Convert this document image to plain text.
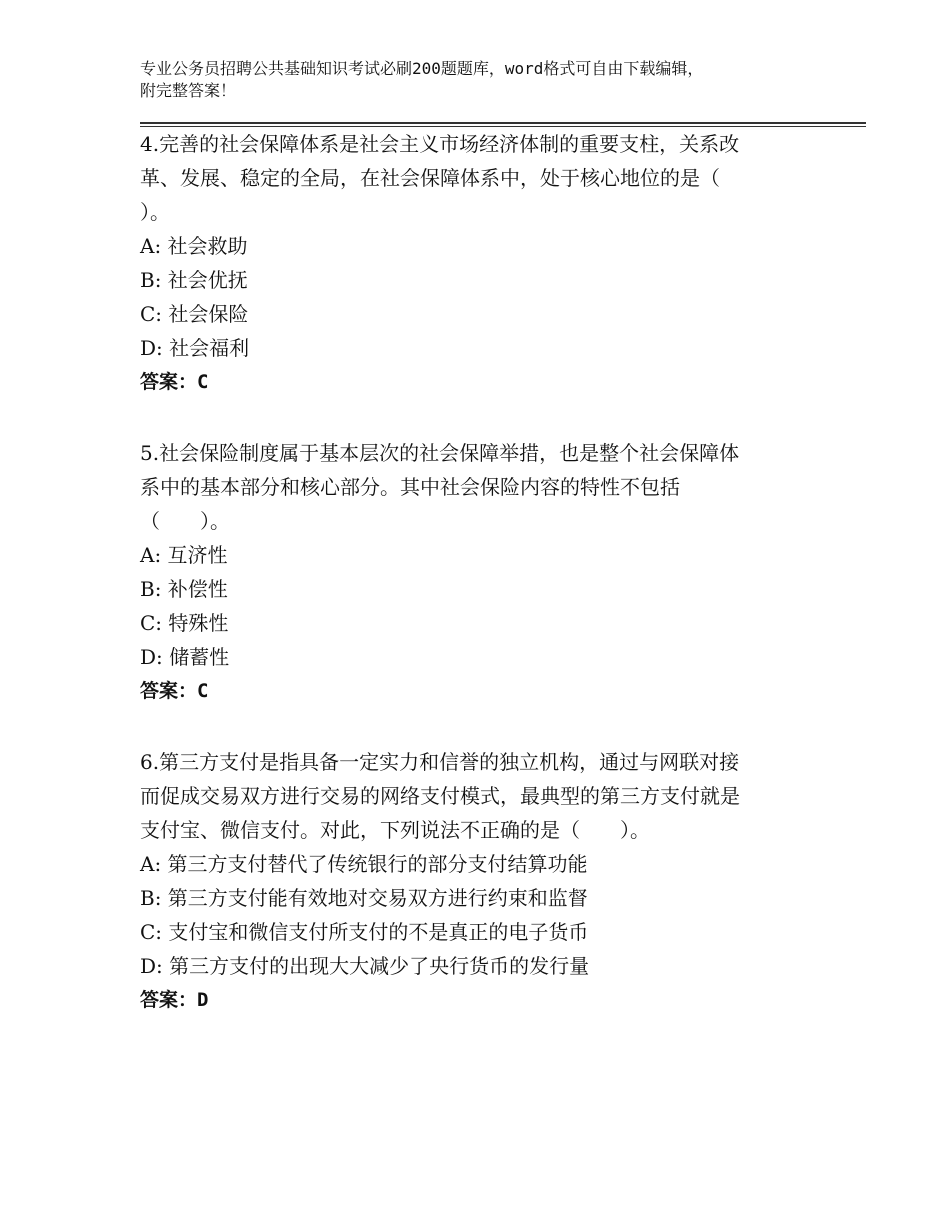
专业公务员招聘公共基础知识考试必刷200题题库，word格式可自由下载编辑，
附完整答案！

4.完善的社会保障体系是社会主义市场经济体制的重要支柱，关系改

革、发展、稳定的全局，在社会保障体系中，处于核心地位的是（

）。

A: 社会救助

B: 社会优抚

C: 社会保险

D: 社会福利

答案：C

5.社会保险制度属于基本层次的社会保障举措，也是整个社会保障体

系中的基本部分和核心部分。其中社会保险内容的特性不包括

（　　）。

A: 互济性

B: 补偿性

C: 特殊性

D: 储蓄性

答案：C

6.第三方支付是指具备一定实力和信誉的独立机构，通过与网联对接

而促成交易双方进行交易的网络支付模式，最典型的第三方支付就是

支付宝、微信支付。对此，下列说法不正确的是（　　）。

A: 第三方支付替代了传统银行的部分支付结算功能

B: 第三方支付能有效地对交易双方进行约束和监督

C: 支付宝和微信支付所支付的不是真正的电子货币

D: 第三方支付的出现大大减少了央行货币的发行量

答案：D
